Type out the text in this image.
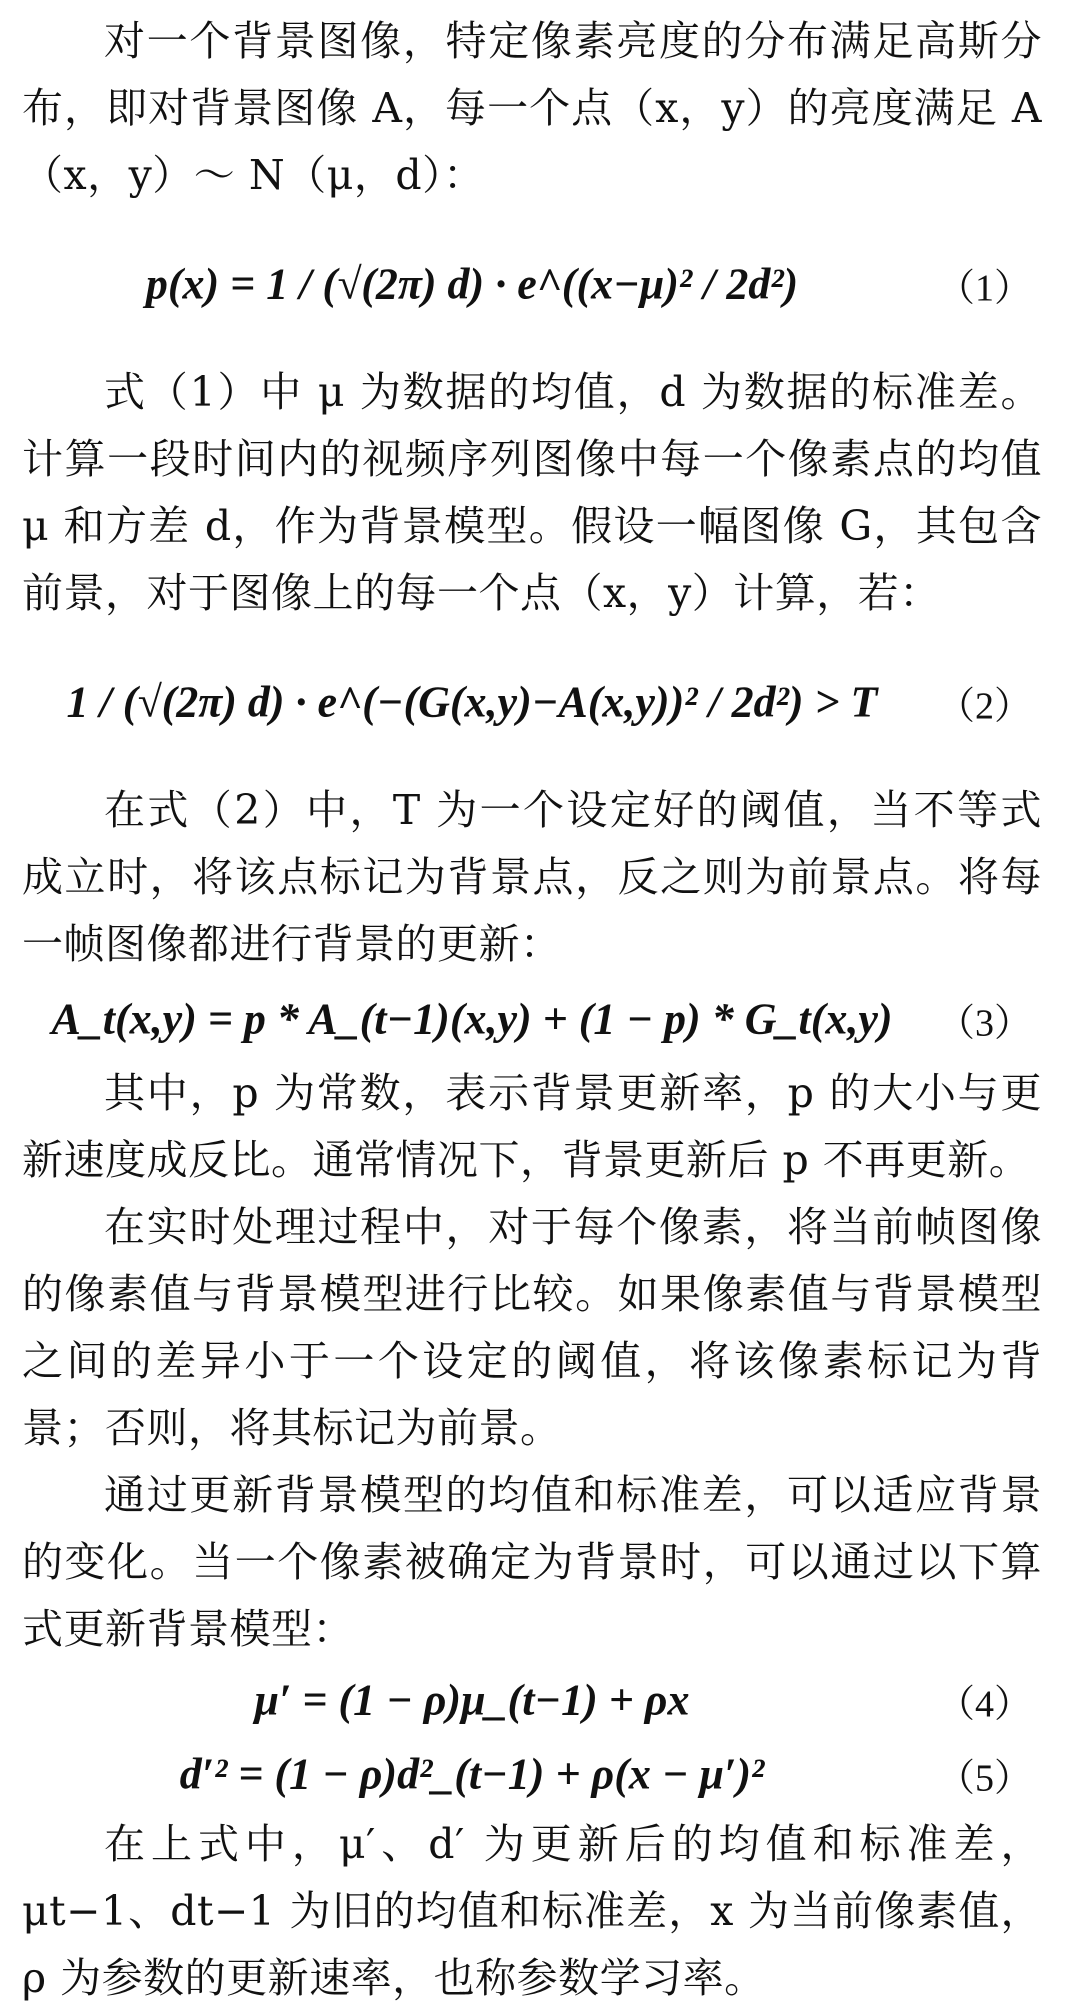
对一个背景图像，特定像素亮度的分布满足高斯分布，即对背景图像 A，每一个点（x，y）的亮度满足 A（x，y）～ N（μ，d）：

p(x) = 1 / (√(2π) d) · e^((x−μ)² / 2d²)	（1）

式（1）中 μ 为数据的均值，d 为数据的标准差。计算一段时间内的视频序列图像中每一个像素点的均值 μ 和方差 d，作为背景模型。假设一幅图像 G，其包含前景，对于图像上的每一个点（x，y）计算，若：

1 / (√(2π) d) · e^(−(G(x,y)−A(x,y))² / 2d²) > T	（2）

在式（2）中，T 为一个设定好的阈值，当不等式成立时，将该点标记为背景点，反之则为前景点。将每一帧图像都进行背景的更新：

A_t(x,y) = p * A_(t−1)(x,y) + (1 − p) * G_t(x,y)	（3）

其中，p 为常数，表示背景更新率，p 的大小与更新速度成反比。通常情况下，背景更新后 p 不再更新。

在实时处理过程中，对于每个像素，将当前帧图像的像素值与背景模型进行比较。如果像素值与背景模型之间的差异小于一个设定的阈值，将该像素标记为背景；否则，将其标记为前景。

通过更新背景模型的均值和标准差，可以适应背景的变化。当一个像素被确定为背景时，可以通过以下算式更新背景模型：

μ′ = (1 − ρ)μ_(t−1) + ρx	（4）
d′² = (1 − ρ)d²_(t−1) + ρ(x − μ′)²	（5）

在上式中，μ′、d′ 为更新后的均值和标准差，μt−1、dt−1 为旧的均值和标准差，x 为当前像素值，ρ 为参数的更新速率，也称参数学习率。
